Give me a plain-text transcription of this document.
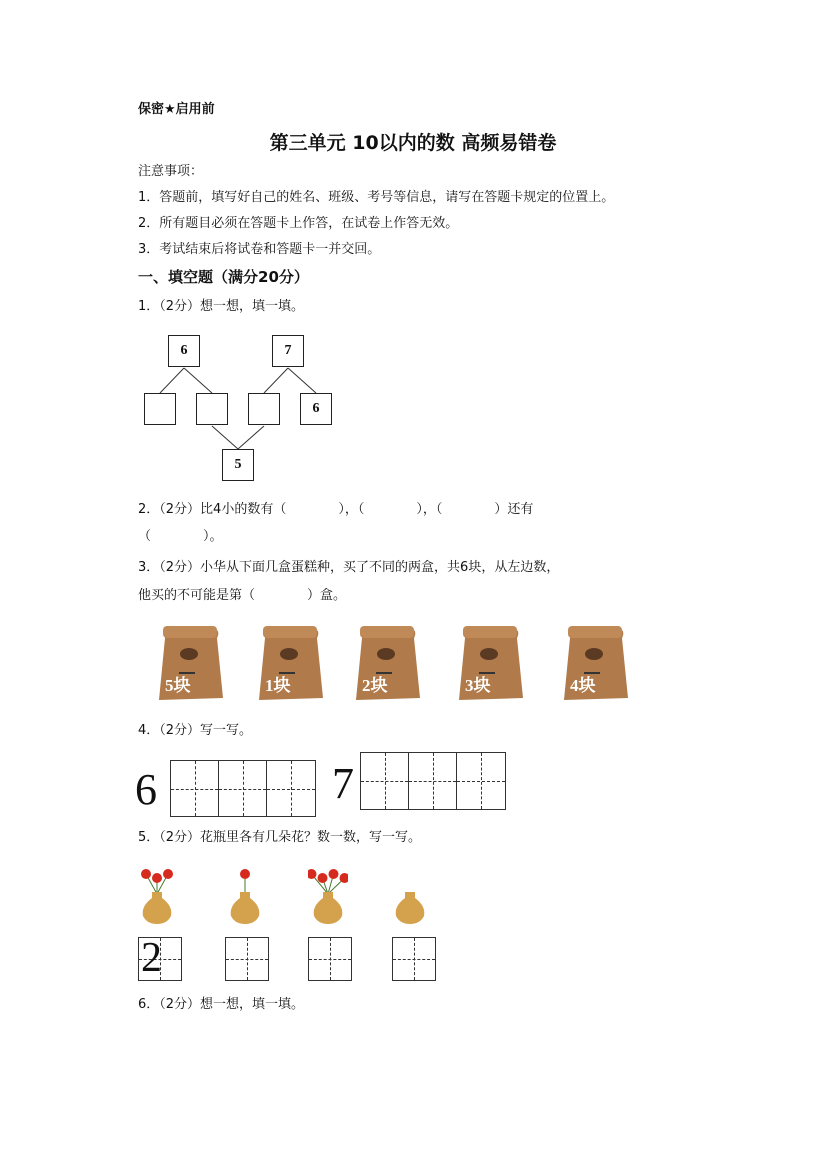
保密★启用前
第三单元 10以内的数 高频易错卷
注意事项：
1．答题前，填写好自己的姓名、班级、考号等信息，请写在答题卡规定的位置上。
2．所有题目必须在答题卡上作答，在试卷上作答无效。
3．考试结束后将试卷和答题卡一并交回。
一、填空题（满分20分）
1．（2分）想一想，填一填。
6	7
6
5
2．（2分）比4小的数有（　　　　），（　　　　），（　　　　）还有
（　　　　）。
3．（2分）小华从下面几盒蛋糕种，买了不同的两盒，共6块，从左边数，
他买的不可能是第（　　　　）盒。
5块	1块	2块	3块	4块
4．（2分）写一写。
6	7
5．（2分）花瓶里各有几朵花？数一数，写一写。
2
6．（2分）想一想，填一填。
